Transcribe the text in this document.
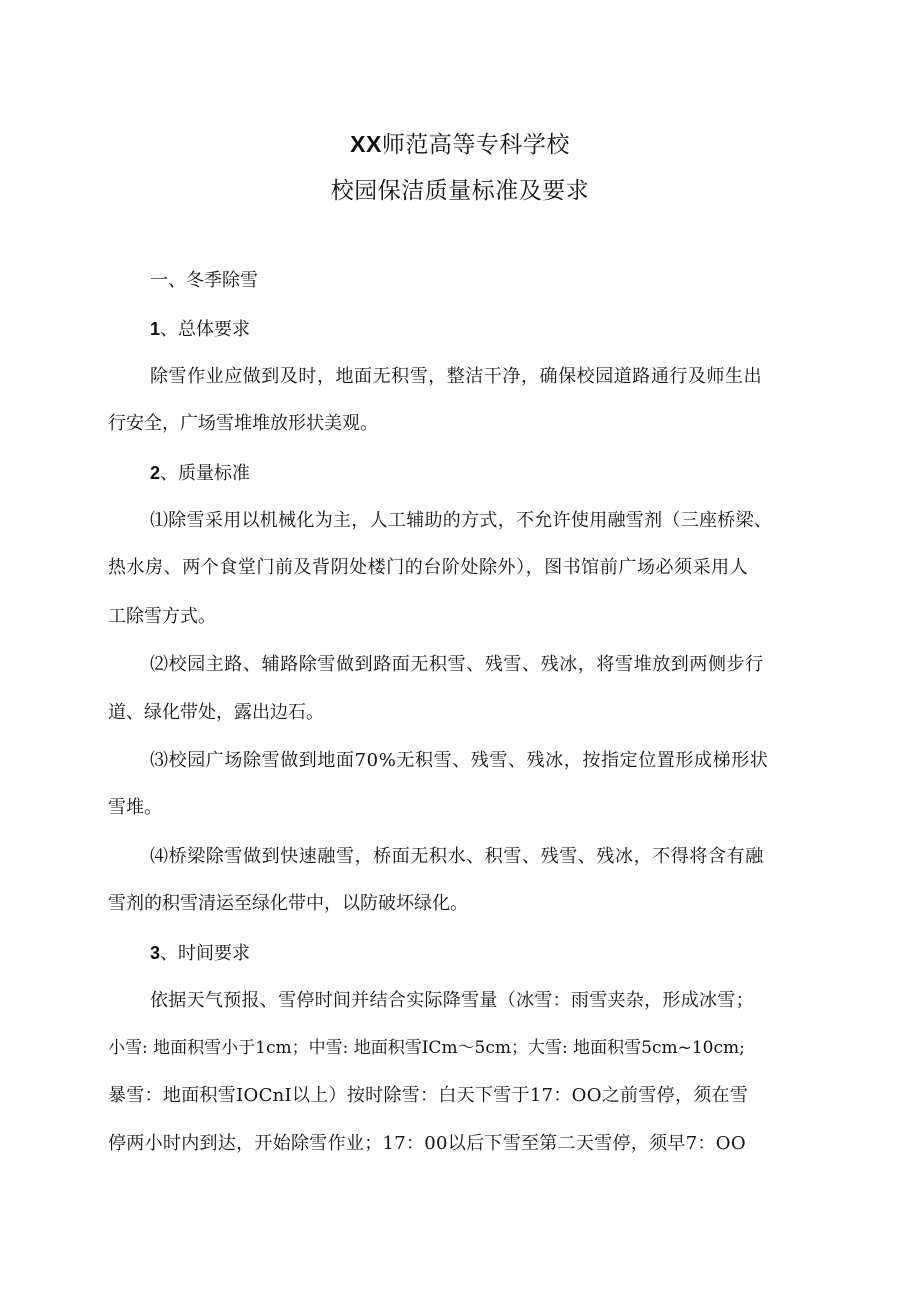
XX师范高等专科学校
校园保洁质量标准及要求
一、冬季除雪
1、总体要求
除雪作业应做到及时，地面无积雪，整洁干净，确保校园道路通行及师生出
行安全，广场雪堆堆放形状美观。
2、质量标准
⑴除雪采用以机械化为主，人工辅助的方式，不允许使用融雪剂（三座桥梁、
热水房、两个食堂门前及背阴处楼门的台阶处除外），图书馆前广场必须采用人
工除雪方式。
⑵校园主路、辅路除雪做到路面无积雪、残雪、残冰，将雪堆放到两侧步行
道、绿化带处，露出边石。
⑶校园广场除雪做到地面70%无积雪、残雪、残冰，按指定位置形成梯形状
雪堆。
⑷桥梁除雪做到快速融雪，桥面无积水、积雪、残雪、残冰，不得将含有融
雪剂的积雪清运至绿化带中，以防破坏绿化。
3、时间要求
依据天气预报、雪停时间并结合实际降雪量（冰雪：雨雪夹杂，形成冰雪；
小雪: 地面积雪小于1cm；中雪: 地面积雪ICm～5cm；大雪: 地面积雪5cm~10cm;
暴雪：地面积雪IOCnI以上）按时除雪：白天下雪于17：OO之前雪停，须在雪
停两小时内到达，开始除雪作业；17：00以后下雪至第二天雪停，须早7：OO
